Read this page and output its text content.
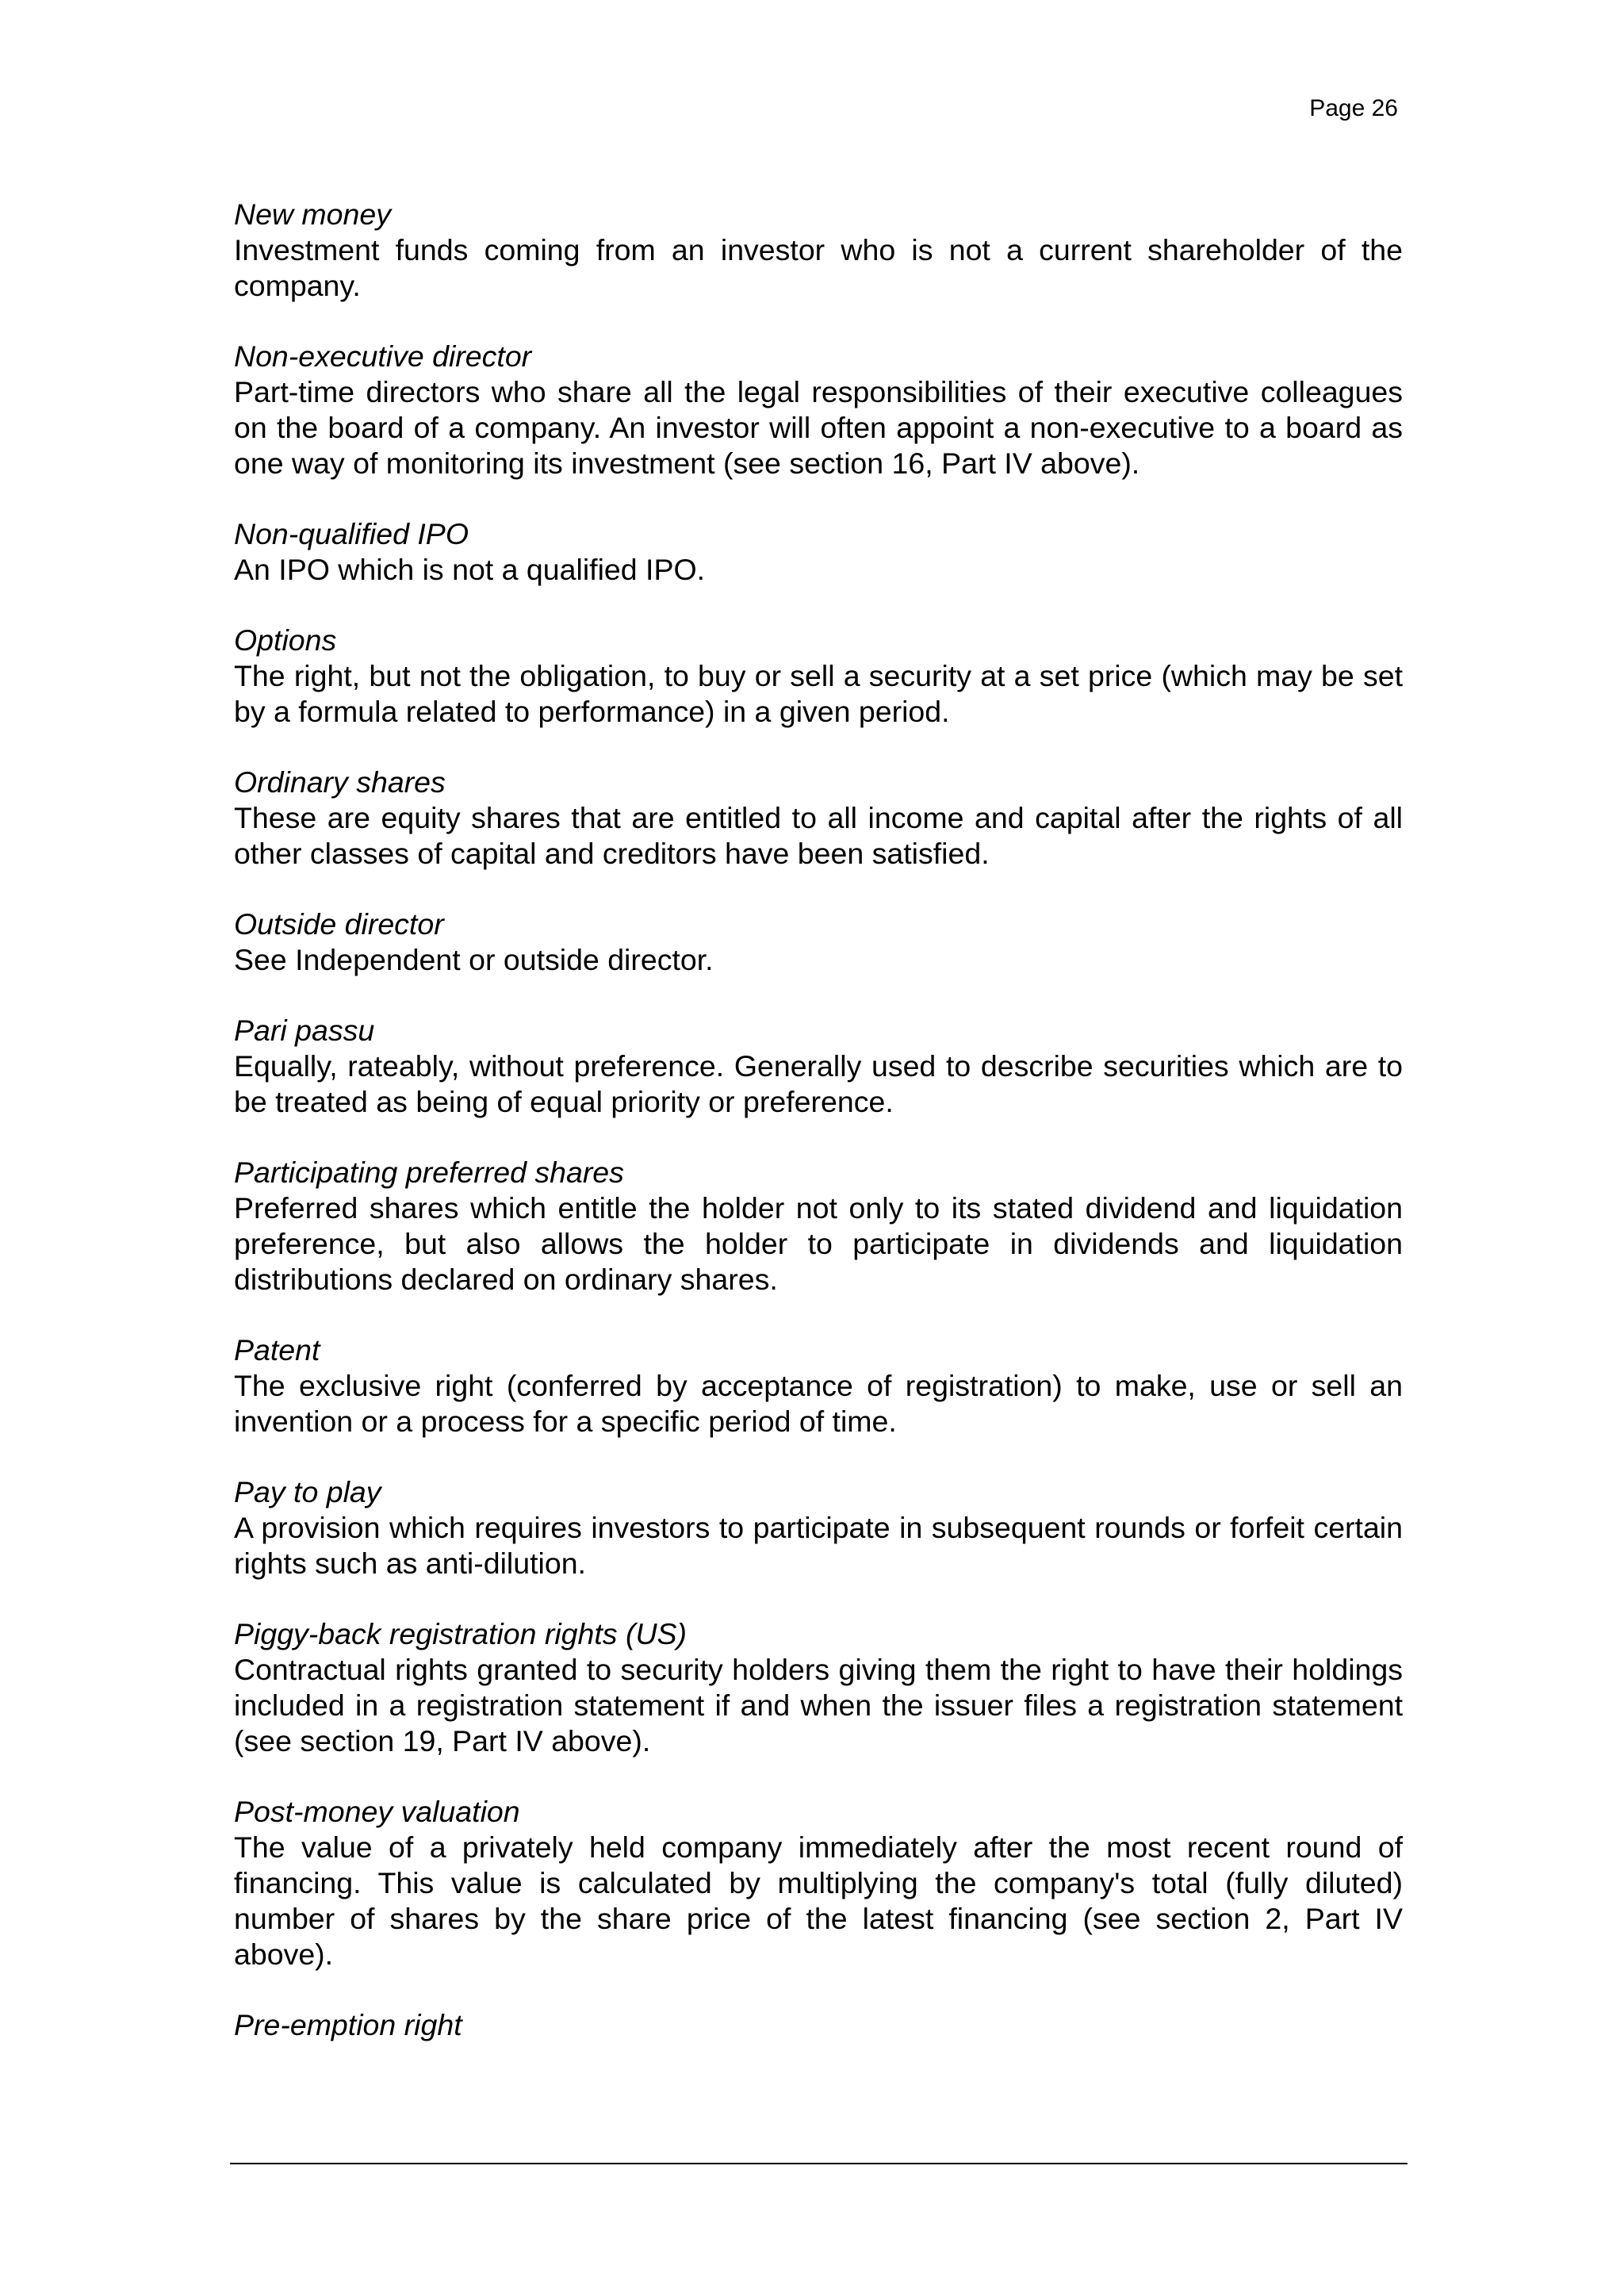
Page 26

New money

Investment funds coming from an investor who is not a current shareholder of the company.

Non-executive director

Part-time directors who share all the legal responsibilities of their executive colleagues on the board of a company. An investor will often appoint a non-executive to a board as one way of monitoring its investment (see section 16, Part IV above).

Non-qualified IPO

An IPO which is not a qualified IPO.

Options

The right, but not the obligation, to buy or sell a security at a set price (which may be set by a formula related to performance) in a given period.

Ordinary shares

These are equity shares that are entitled to all income and capital after the rights of all other classes of capital and creditors have been satisfied.

Outside director

See Independent or outside director.

Pari passu

Equally, rateably, without preference. Generally used to describe securities which are to be treated as being of equal priority or preference.

Participating preferred shares

Preferred shares which entitle the holder not only to its stated dividend and liquidation preference, but also allows the holder to participate in dividends and liquidation distributions declared on ordinary shares.

Patent

The exclusive right (conferred by acceptance of registration) to make, use or sell an invention or a process for a specific period of time.

Pay to play

A provision which requires investors to participate in subsequent rounds or forfeit certain rights such as anti-dilution.

Piggy-back registration rights (US)

Contractual rights granted to security holders giving them the right to have their holdings included in a registration statement if and when the issuer files a registration statement (see section 19, Part IV above).

Post-money valuation

The value of a privately held company immediately after the most recent round of financing. This value is calculated by multiplying the company's total (fully diluted) number of shares by the share price of the latest financing (see section 2, Part IV above).

Pre-emption right
